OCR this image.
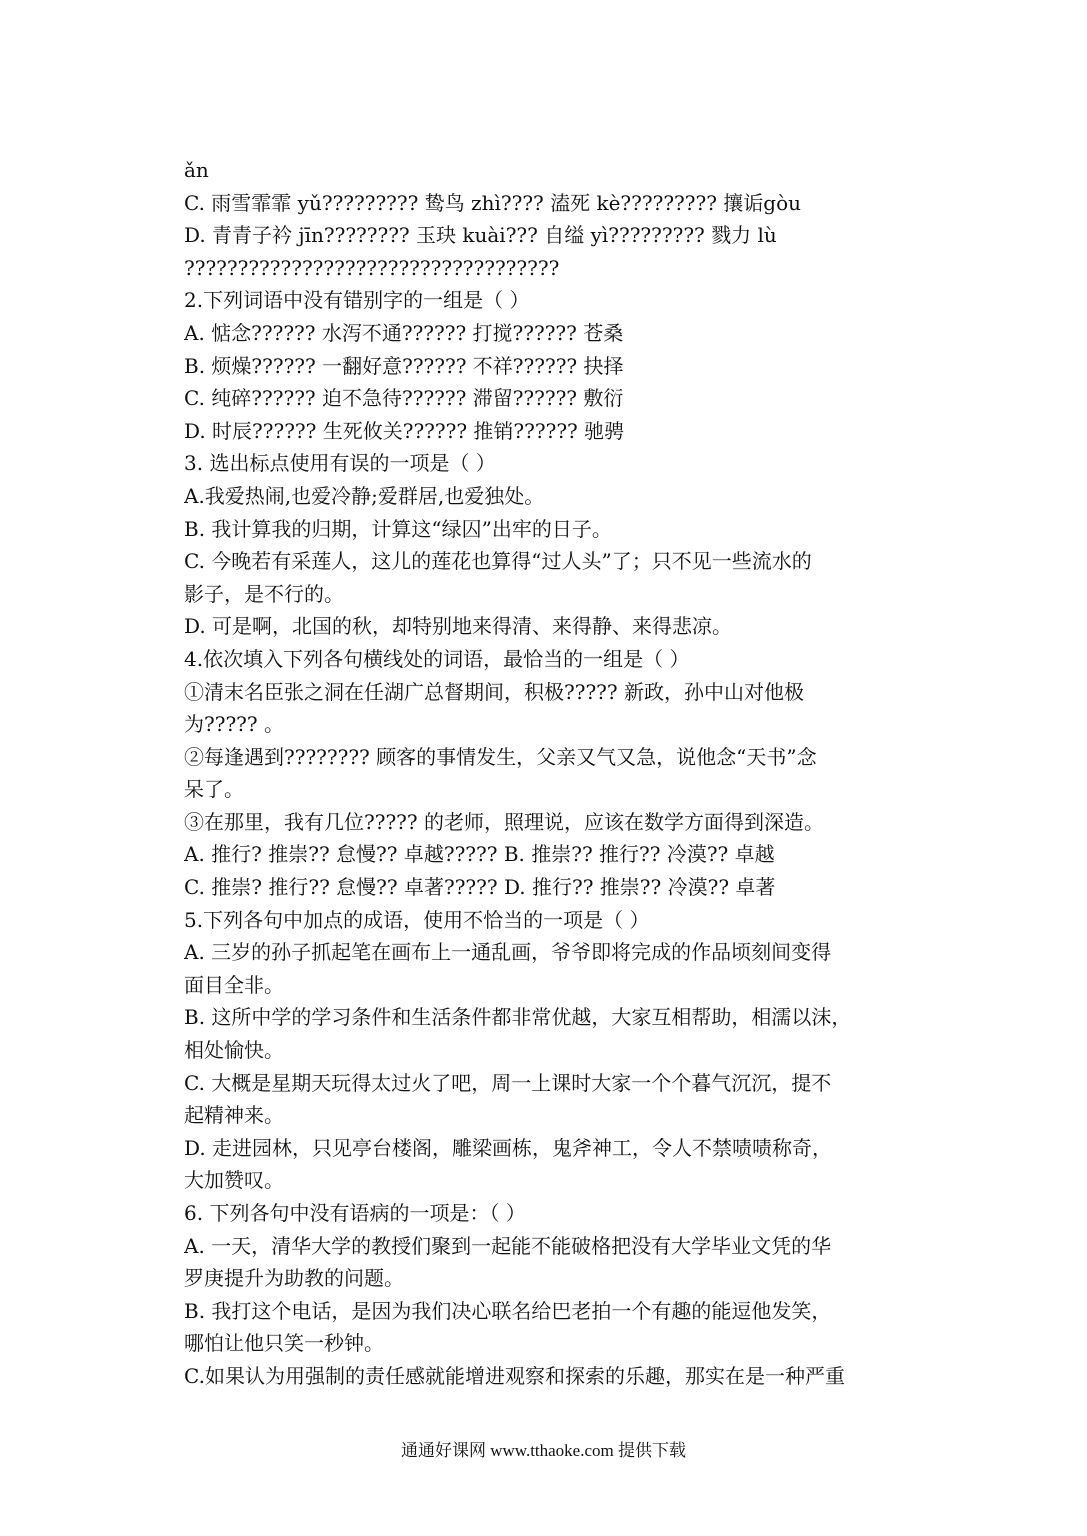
ǎn
C. 雨雪霏霏 yǔ????????? 鸷鸟 zhì???? 溘死 kè????????? 攘诟gòu
D. 青青子衿 jīn???????? 玉玦 kuài??? 自缢 yì????????? 戮力 lù
???????????????????????????????????
2.下列词语中没有错别字的一组是（ ）
A. 惦念?????? 水泻不通?????? 打搅?????? 苍桑
B. 烦燥?????? 一翻好意?????? 不祥?????? 抉择
C. 纯碎?????? 迫不急待?????? 滞留?????? 敷衍
D. 时辰?????? 生死攸关?????? 推销?????? 驰骋
3. 选出标点使用有误的一项是（ ）
A.我爱热闹,也爱冷静;爱群居,也爱独处。
B. 我计算我的归期，计算这“绿囚”出牢的日子。
C. 今晚若有采莲人，这儿的莲花也算得“过人头”了；只不见一些流水的
影子，是不行的。
D. 可是啊，北国的秋，却特别地来得清、来得静、来得悲凉。
4.依次填入下列各句横线处的词语，最恰当的一组是（ ）
①清末名臣张之洞在任湖广总督期间，积极????? 新政，孙中山对他极
为????? 。
②每逢遇到???????? 顾客的事情发生，父亲又气又急，说他念“天书”念
呆了。
③在那里，我有几位????? 的老师，照理说，应该在数学方面得到深造。
A. 推行? 推崇?? 怠慢?? 卓越????? B. 推崇?? 推行?? 冷漠?? 卓越
C. 推崇? 推行?? 怠慢?? 卓著????? D. 推行?? 推崇?? 冷漠?? 卓著
5.下列各句中加点的成语，使用不恰当的一项是（ ）
A. 三岁的孙子抓起笔在画布上一通乱画，爷爷即将完成的作品顷刻间变得
面目全非。
B. 这所中学的学习条件和生活条件都非常优越，大家互相帮助，相濡以沫，
相处愉快。
C. 大概是星期天玩得太过火了吧，周一上课时大家一个个暮气沉沉，提不
起精神来。
D. 走进园林，只见亭台楼阁，雕梁画栋，鬼斧神工，令人不禁啧啧称奇，
大加赞叹。
6. 下列各句中没有语病的一项是：（ ）
A. 一天，清华大学的教授们聚到一起能不能破格把没有大学毕业文凭的华
罗庚提升为助教的问题。
B. 我打这个电话，是因为我们决心联名给巴老拍一个有趣的能逗他发笑，
哪怕让他只笑一秒钟。
C.如果认为用强制的责任感就能增进观察和探索的乐趣，那实在是一种严重
通通好课网 www.tthaoke.com 提供下载
